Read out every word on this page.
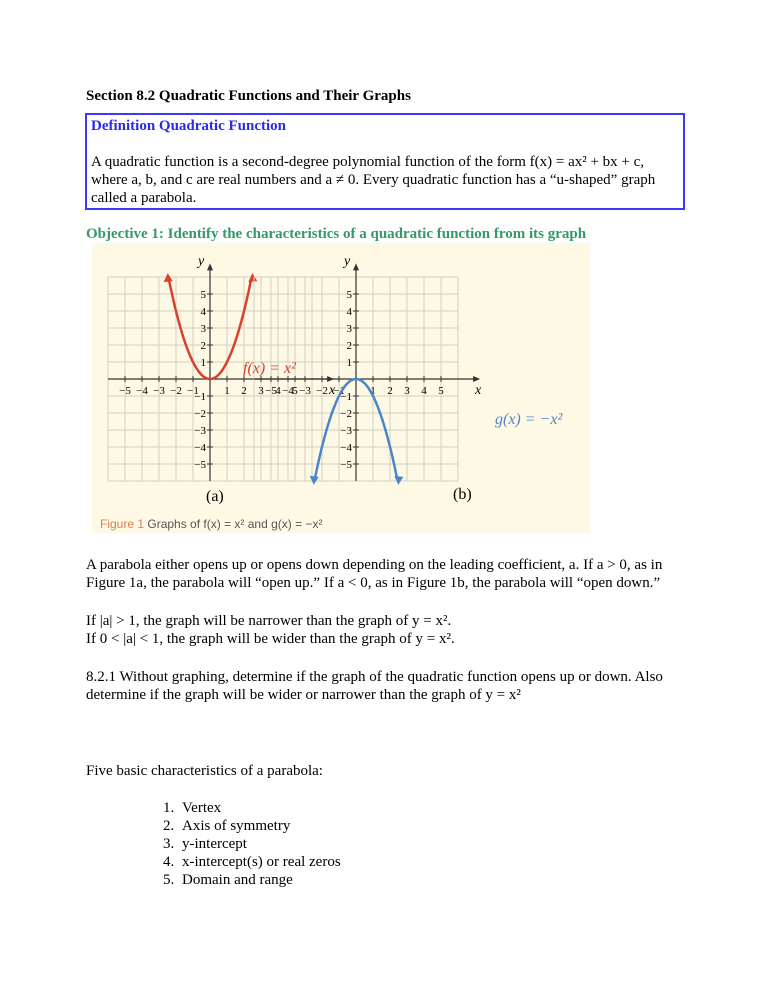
Section 8.2 Quadratic Functions and Their Graphs
Definition Quadratic Function
A quadratic function is a second-degree polynomial function of the form f(x) = ax² + bx + c,
where a, b, and c are real numbers and a ≠ 0. Every quadratic function has a “u-shaped” graph
called a parabola.
Objective 1: Identify the characteristics of a quadratic function from its graph
−5 −4 −3 −2 −1 1 2 3 4 5
−5
−4
−3
−2
−1
1
2
3
4
5
x
y
−5 −4 −3 −2 −1 1 2 3 4 5
−5
−4
−3
−2
−1
1
2
3
4
5
x
y
(a)	(b)
f(x) = x²
g(x) = −x²
Figure 1 Graphs of f(x) = x² and g(x) = −x²
A parabola either opens up or opens down depending on the leading coefficient, a. If a > 0, as in
Figure 1a, the parabola will “open up.” If a < 0, as in Figure 1b, the parabola will “open down.”
If |a| > 1, the graph will be narrower than the graph of y = x².
If 0 < |a| < 1, the graph will be wider than the graph of y = x².
8.2.1 Without graphing, determine if the graph of the quadratic function opens up or down. Also
determine if the graph will be wider or narrower than the graph of y = x²
Five basic characteristics of a parabola:
1. Vertex
2. Axis of symmetry
3. y-intercept
4. x-intercept(s) or real zeros
5. Domain and range
